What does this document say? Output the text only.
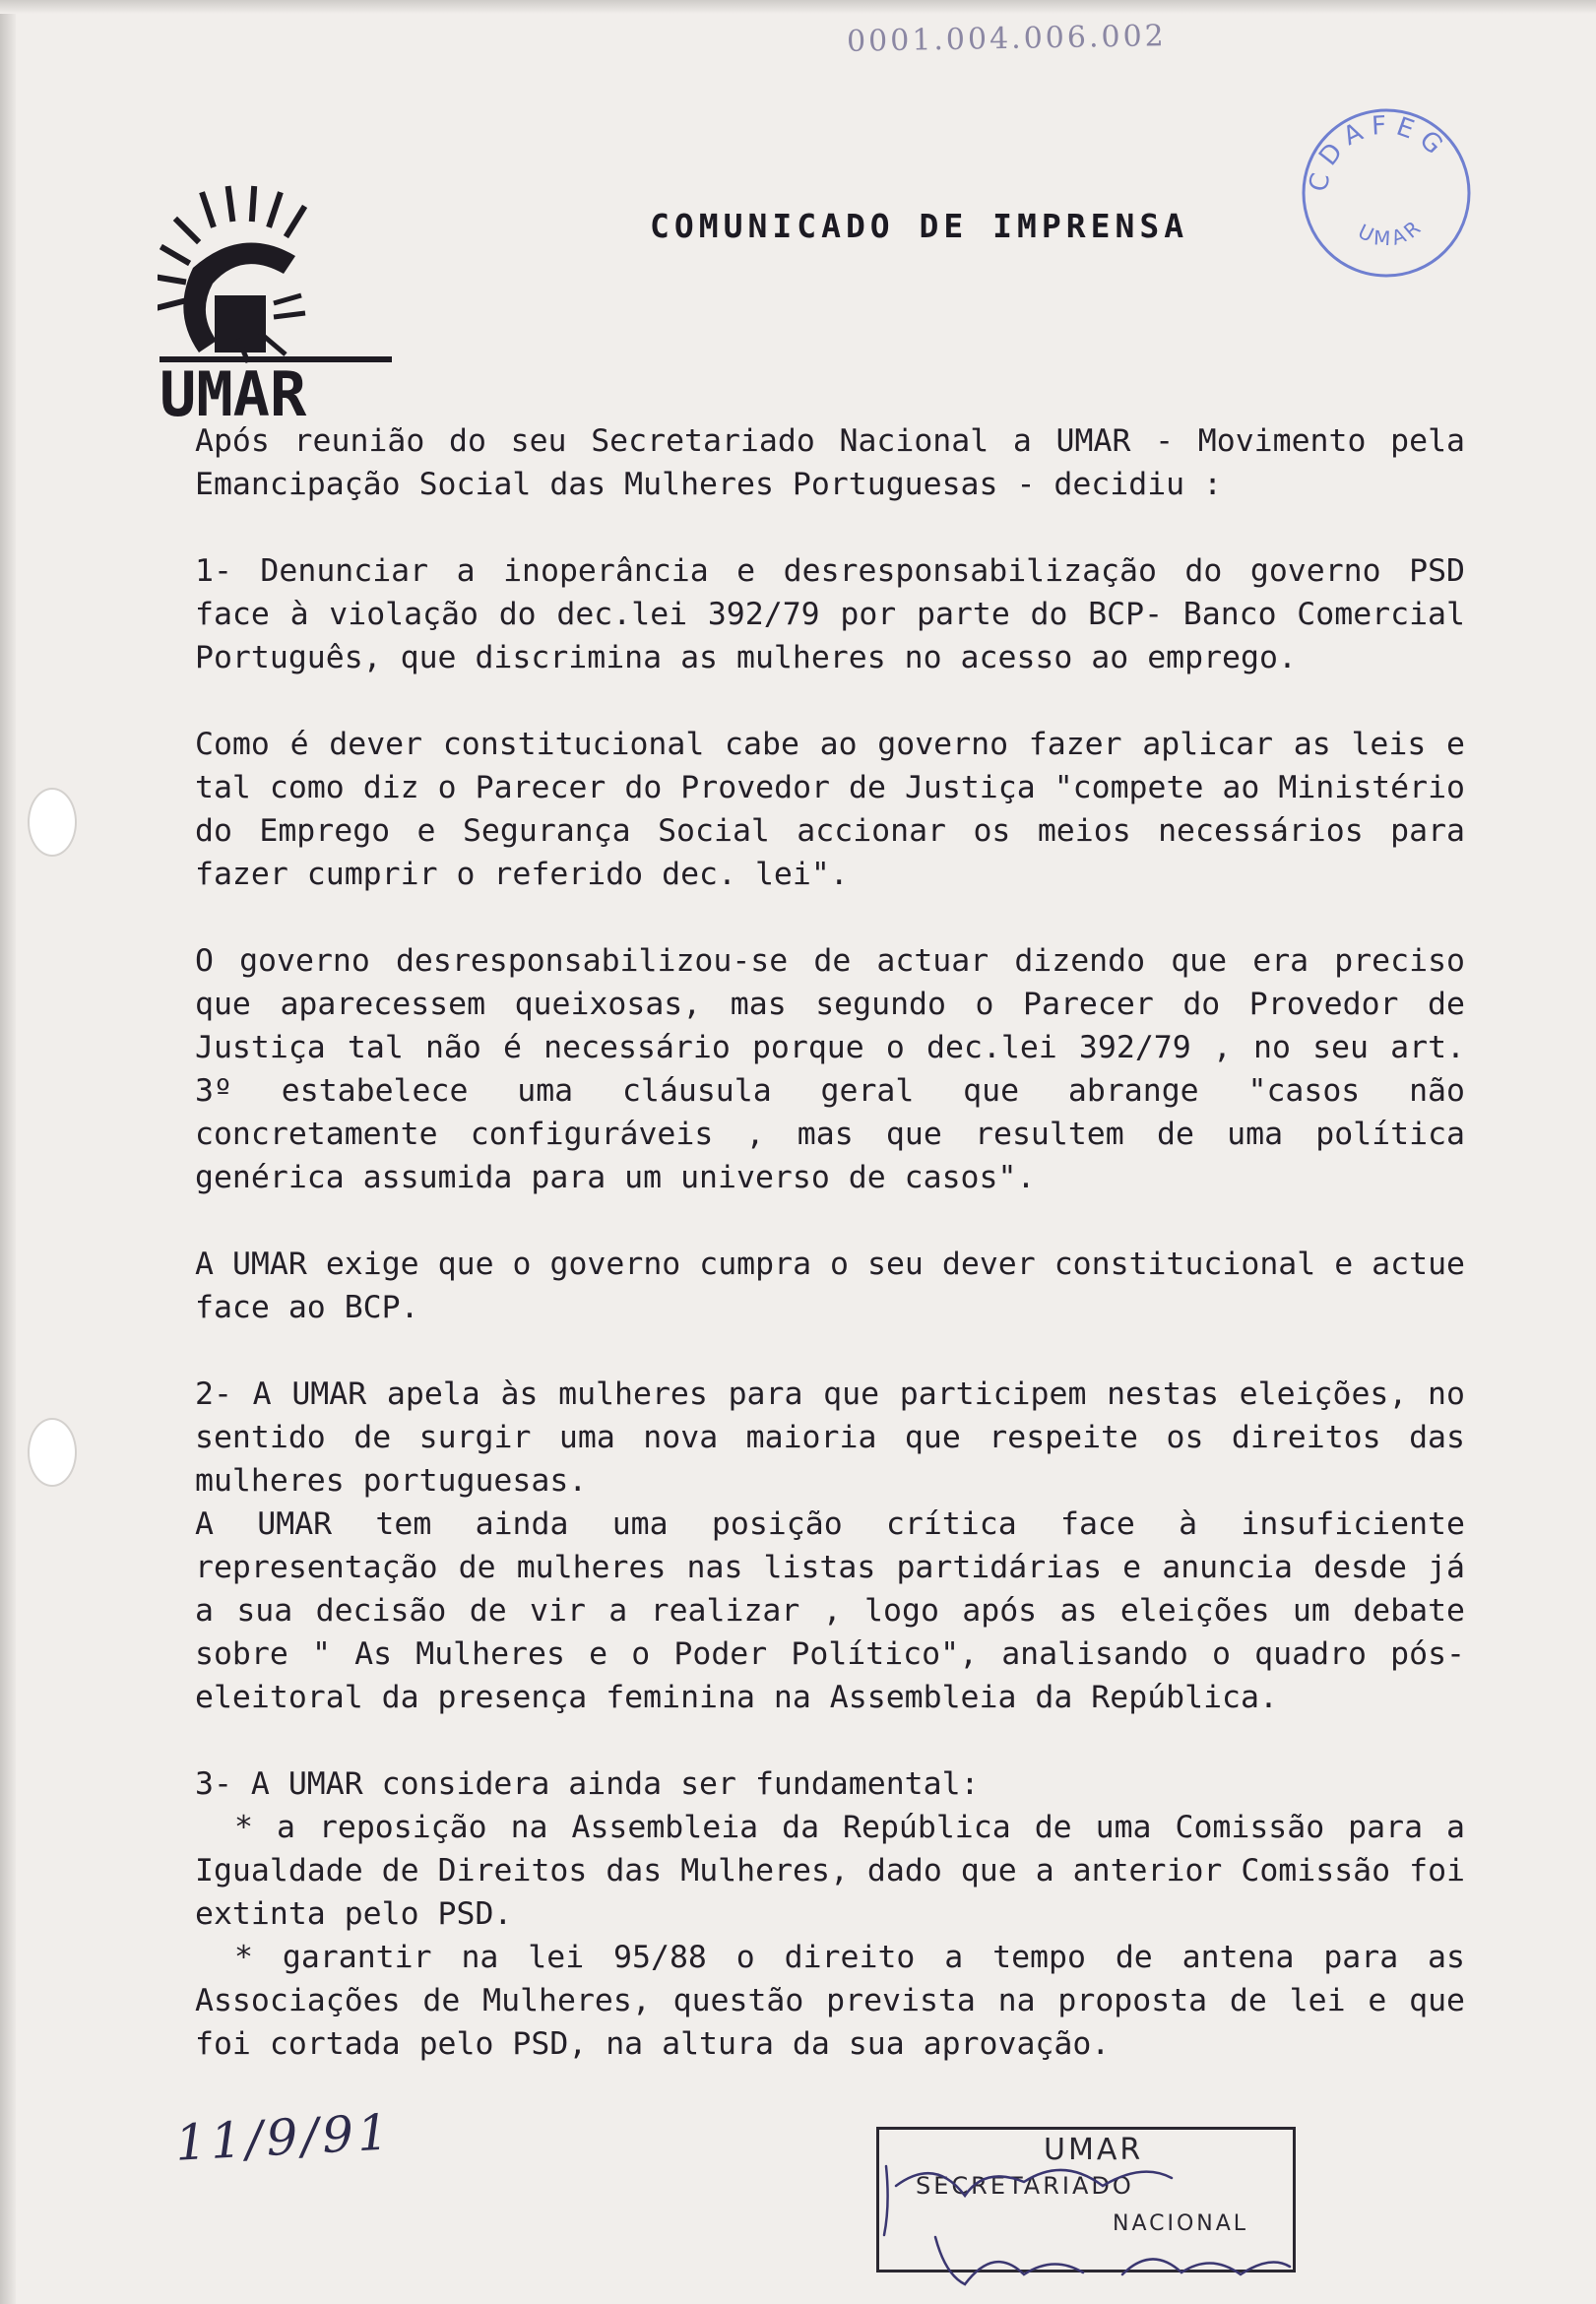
0001.004.006.002
CDAFEG
UMAR
UMAR
COMUNICADO DE IMPRENSA

Após reunião do seu Secretariado Nacional a UMAR - Movimento pela Emancipação Social das Mulheres Portuguesas - decidiu :

1- Denunciar a inoperância e desresponsabilização do governo PSD face à violação do dec.lei 392/79 por parte do BCP- Banco Comercial Português, que discrimina as mulheres no acesso ao emprego.

Como é dever constitucional cabe ao governo fazer aplicar as leis e tal como diz o Parecer do Provedor de Justiça "compete ao Ministério do Emprego e Segurança Social accionar os meios necessários para fazer cumprir o referido dec. lei".

O governo desresponsabilizou-se de actuar dizendo que era preciso que aparecessem queixosas, mas segundo o Parecer do Provedor de Justiça tal não é necessário porque o dec.lei 392/79 , no seu art. 3º estabelece uma cláusula geral que abrange "casos não concretamente configuráveis , mas que resultem de uma política genérica assumida para um universo de casos".

A UMAR exige que o governo cumpra o seu dever constitucional e actue face ao BCP.

2- A UMAR apela às mulheres para que participem nestas eleições, no sentido de surgir uma nova maioria que respeite os direitos das mulheres portuguesas.

A UMAR tem ainda uma posição crítica face à insuficiente representação de mulheres nas listas partidárias e anuncia desde já a sua decisão de vir a realizar , logo após as eleições um debate sobre " As Mulheres e o Poder Político", analisando o quadro pós-eleitoral da presença feminina na Assembleia da República.

3- A UMAR considera ainda ser fundamental:

* a reposição na Assembleia da República de uma Comissão para a Igualdade de Direitos das Mulheres, dado que a anterior Comissão foi extinta pelo PSD.

* garantir na lei 95/88 o direito a tempo de antena para as Associações de Mulheres, questão prevista na proposta de lei e que foi cortada pelo PSD, na altura da sua aprovação.

11/9/91	UMAR
SECRETARIADO
NACIONAL
